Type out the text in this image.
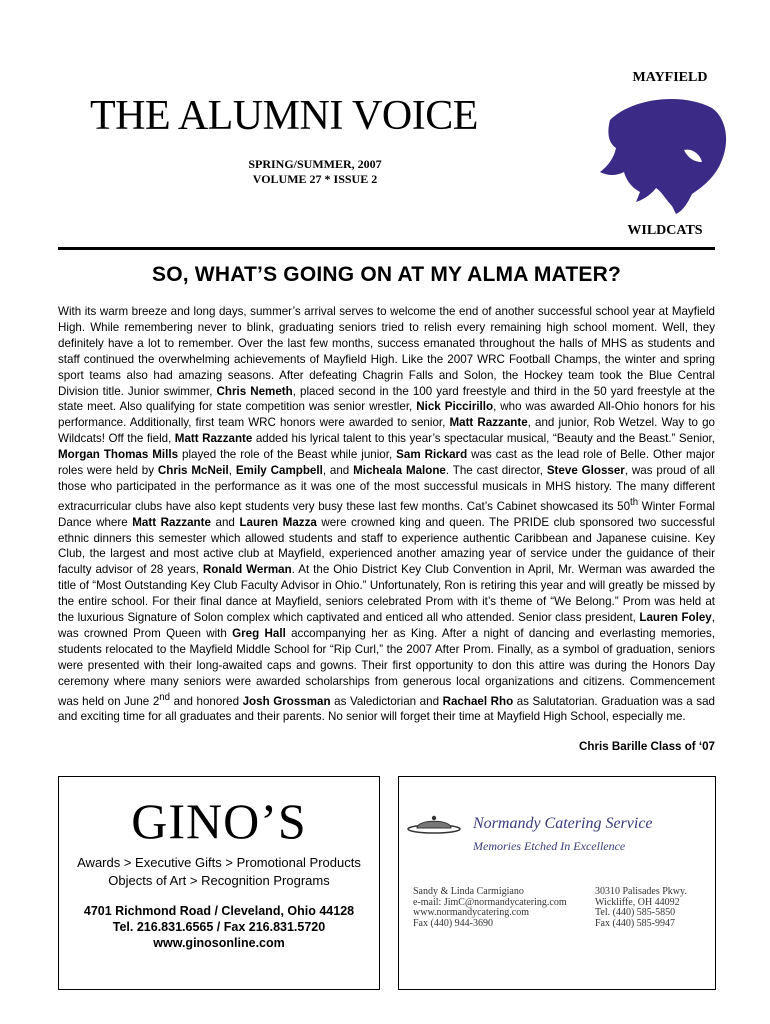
THE ALUMNI VOICE
SPRING/SUMMER, 2007
VOLUME 27 * ISSUE 2
MAYFIELD
WILDCATS
SO, WHAT’S GOING ON AT MY ALMA MATER?
With its warm breeze and long days, summer’s arrival serves to welcome the end of another successful school year at Mayfield High. While remembering never to blink, graduating seniors tried to relish every remaining high school moment. Well, they definitely have a lot to remember. Over the last few months, success emanated throughout the halls of MHS as students and staff continued the overwhelming achievements of Mayfield High. Like the 2007 WRC Football Champs, the winter and spring sport teams also had amazing seasons. After defeating Chagrin Falls and Solon, the Hockey team took the Blue Central Division title. Junior swimmer, Chris Nemeth, placed second in the 100 yard freestyle and third in the 50 yard freestyle at the state meet. Also qualifying for state competition was senior wrestler, Nick Piccirillo, who was awarded All-Ohio honors for his performance. Additionally, first team WRC honors were awarded to senior, Matt Razzante, and junior, Rob Wetzel. Way to go Wildcats! Off the field, Matt Razzante added his lyrical talent to this year’s spectacular musical, “Beauty and the Beast.” Senior, Morgan Thomas Mills played the role of the Beast while junior, Sam Rickard was cast as the lead role of Belle. Other major roles were held by Chris McNeil, Emily Campbell, and Micheala Malone. The cast director, Steve Glosser, was proud of all those who participated in the performance as it was one of the most successful musicals in MHS history. The many different extracurricular clubs have also kept students very busy these last few months. Cat’s Cabinet showcased its 50th Winter Formal Dance where Matt Razzante and Lauren Mazza were crowned king and queen. The PRIDE club sponsored two successful ethnic dinners this semester which allowed students and staff to experience authentic Caribbean and Japanese cuisine. Key Club, the largest and most active club at Mayfield, experienced another amazing year of service under the guidance of their faculty advisor of 28 years, Ronald Werman. At the Ohio District Key Club Convention in April, Mr. Werman was awarded the title of “Most Outstanding Key Club Faculty Advisor in Ohio.” Unfortunately, Ron is retiring this year and will greatly be missed by the entire school. For their final dance at Mayfield, seniors celebrated Prom with it’s theme of “We Belong.” Prom was held at the luxurious Signature of Solon complex which captivated and enticed all who attended. Senior class president, Lauren Foley, was crowned Prom Queen with Greg Hall accompanying her as King. After a night of dancing and everlasting memories, students relocated to the Mayfield Middle School for “Rip Curl,” the 2007 After Prom. Finally, as a symbol of graduation, seniors were presented with their long-awaited caps and gowns. Their first opportunity to don this attire was during the Honors Day ceremony where many seniors were awarded scholarships from generous local organizations and citizens. Commencement was held on June 2nd and honored Josh Grossman as Valedictorian and Rachael Rho as Salutatorian. Graduation was a sad and exciting time for all graduates and their parents. No senior will forget their time at Mayfield High School, especially me.
Chris Barille Class of ‘07
GINO’S
Awards > Executive Gifts > Promotional Products
Objects of Art > Recognition Programs
4701 Richmond Road / Cleveland, Ohio 44128
Tel. 216.831.6565 / Fax 216.831.5720
www.ginosonline.com
Normandy Catering Service
Memories Etched In Excellence
Sandy & Linda Carmigiano
e-mail: JimC@normandycatering.com
www.normandycatering.com
Fax (440) 944-3690
30310 Palisades Pkwy.
Wickliffe, OH 44092
Tel. (440) 585-5850
Fax (440) 585-9947
